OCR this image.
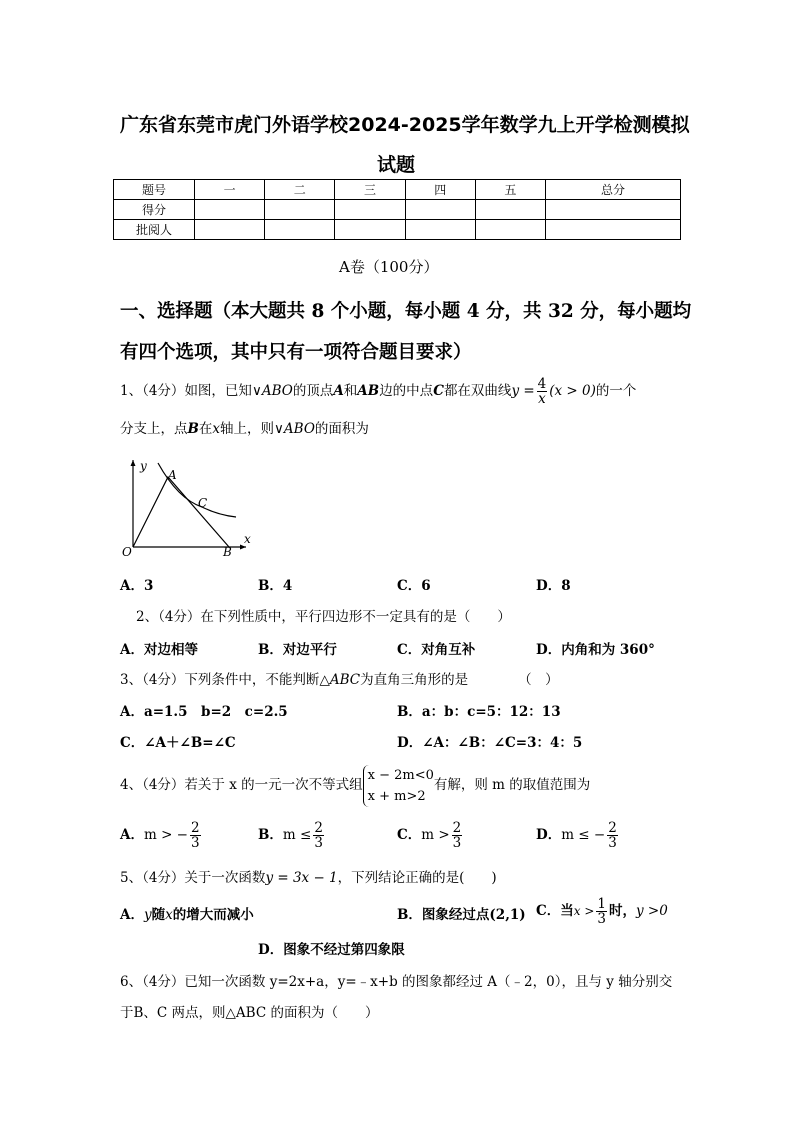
广东省东莞市虎门外语学校2024-2025学年数学九上开学检测模拟
试题
题号	一	二	三	四	五	总分
得分						
批阅人						
A卷（100分）
一、选择题（本大题共 8 个小题，每小题 4 分，共 32 分，每小题均
有四个选项，其中只有一项符合题目要求）
1、（4分）如图，已知∨ABO的顶点A和AB边的中点C都在双曲线$y = \frac{4}{x} (x > 0)$的一个
分支上，点B在x轴上，则∨ABO的面积为
y
x
O
A
B
C
A．3	B．4	C．6	D．8
2、（4分）在下列性质中，平行四边形不一定具有的是（　　）
A．对边相等	B．对边平行	C．对角互补	D．内角和为 360°
3、（4分）下列条件中，不能判断△ABC为直角三角形的是	（　）
A．a=1.5　b=2　c=2.5	B．a：b：c=5：12：13
C．∠A＋∠B=∠C	D．∠A：∠B：∠C=3：4：5
4、（4分）若关于 x 的一元一次不等式组
x − 2m<0
x + m>2
有解，则 m 的取值范围为
A．m > − $\frac{2}{3}$	B．$m \le \frac{2}{3}$	C．$m > \frac{2}{3}$	D．m ≤ − $\frac{2}{3}$
5、（4分）关于一次函数y = 3x − 1，下列结论正确的是(　　)
A．y随x的增大而减小	B．图象经过点(2,1) C．当$x > \frac{1}{3}$ 时，y >0
D．图象不经过第四象限
6、（4分）已知一次函数 y=2x+a，y=﹣x+b 的图象都经过 A（﹣2，0），且与 y 轴分别交
于B、C 两点，则△ABC 的面积为（　　）
